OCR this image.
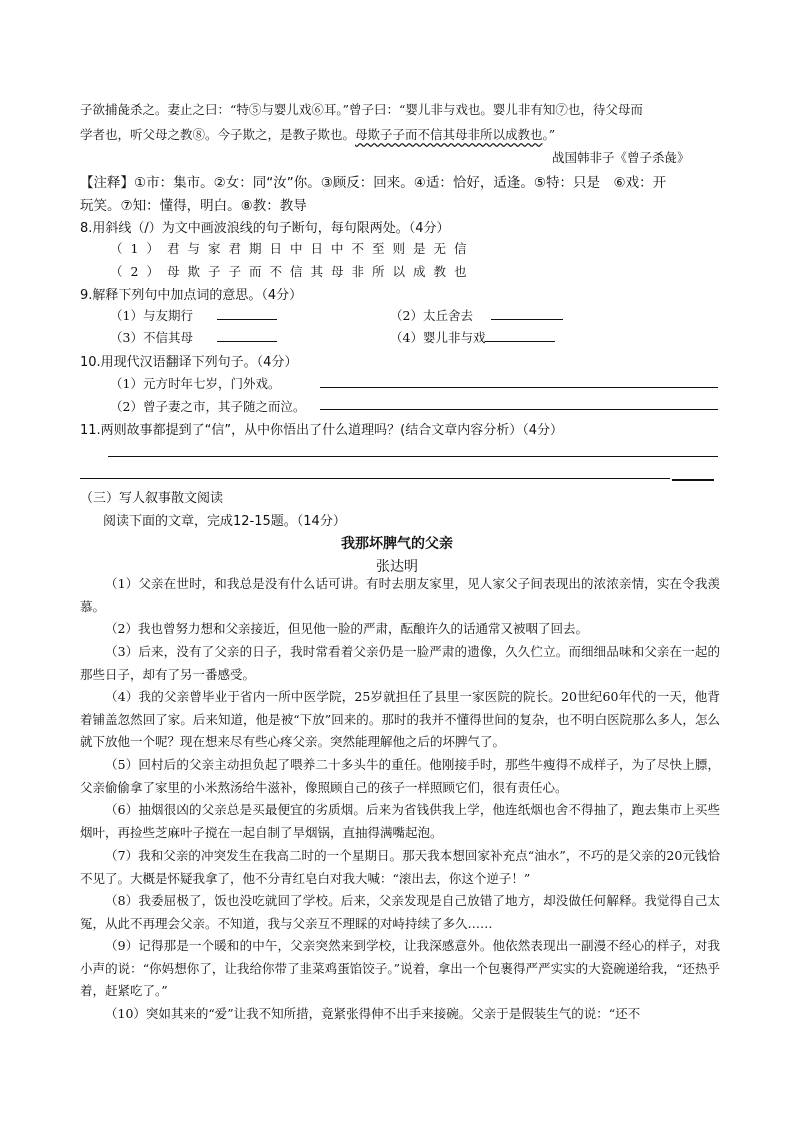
子欲捕彘杀之。妻止之曰：“特⑤与婴儿戏⑥耳。”曾子曰：“婴儿非与戏也。婴儿非有知⑦也，待父母而
学者也，听父母之教⑧。今子欺之，是教子欺也。母欺子子而不信其母非所以成教也。”
战国韩非子《曾子杀彘》
【注释】①市：集市。②女：同“汝”你。③顾反：回来。④适：恰好，适逢。⑤特：只是　⑥戏：开
玩笑。⑦知：懂得，明白。⑧教：教导
8.用斜线（/）为文中画波浪线的句子断句，每句限两处。（4分）
（1）君与家君期日中日中不至则是无信
（2）母欺子子而不信其母非所以成教也
9.解释下列句中加点词的意思。（4分）
（1）与友期行	（2）太丘舍去
（3）不信其母	（4）婴儿非与戏
10.用现代汉语翻译下列句子。（4分）
（1）元方时年七岁，门外戏。
（2）曾子妻之市，其子随之而泣。
11.两则故事都提到了“信”，从中你悟出了什么道理吗？(结合文章内容分析）（4分）
（三）写人叙事散文阅读
阅读下面的文章，完成12-15题。（14分）
我那坏脾气的父亲
张达明
（1）父亲在世时，和我总是没有什么话可讲。有时去朋友家里，见人家父子间表现出的浓浓亲情，实在令我羡慕。
（2）我也曾努力想和父亲接近，但见他一脸的严肃，酝酿许久的话通常又被咽了回去。
（3）后来，没有了父亲的日子，我时常看着父亲仍是一脸严肃的遗像，久久伫立。而细细品味和父亲在一起的那些日子，却有了另一番感受。
（4）我的父亲曾毕业于省内一所中医学院，25岁就担任了县里一家医院的院长。20世纪60年代的一天，他背着铺盖忽然回了家。后来知道，他是被“下放”回来的。那时的我并不懂得世间的复杂，也不明白医院那么多人，怎么就下放他一个呢？现在想来尽有些心疼父亲。突然能理解他之后的坏脾气了。
（5）回村后的父亲主动担负起了喂养二十多头牛的重任。他刚接手时，那些牛瘦得不成样子，为了尽快上膘，父亲偷偷拿了家里的小米熬汤给牛滋补，像照顾自己的孩子一样照顾它们，很有责任心。
（6）抽烟很凶的父亲总是买最便宜的劣质烟。后来为省钱供我上学，他连纸烟也舍不得抽了，跑去集市上买些烟叶，再捡些芝麻叶子搅在一起自制了旱烟锅，直抽得满嘴起泡。
（7）我和父亲的冲突发生在我高二时的一个星期日。那天我本想回家补充点“油水”，不巧的是父亲的20元钱恰不见了。大概是怀疑我拿了，他不分青红皂白对我大喊：“滚出去，你这个逆子！”
（8）我委屈极了，饭也没吃就回了学校。后来，父亲发现是自己放错了地方，却没做任何解释。我觉得自己太冤，从此不再理会父亲。不知道，我与父亲互不理睬的对峙持续了多久……
（9）记得那是一个暖和的中午，父亲突然来到学校，让我深感意外。他依然表现出一副漫不经心的样子，对我小声的说：“你妈想你了，让我给你带了韭菜鸡蛋馅饺子。”说着，拿出一个包裹得严严实实的大瓷碗递给我，“还热乎着，赶紧吃了。”
（10）突如其来的“爱”让我不知所措，竟紧张得伸不出手来接碗。父亲于是假装生气的说：“还不
